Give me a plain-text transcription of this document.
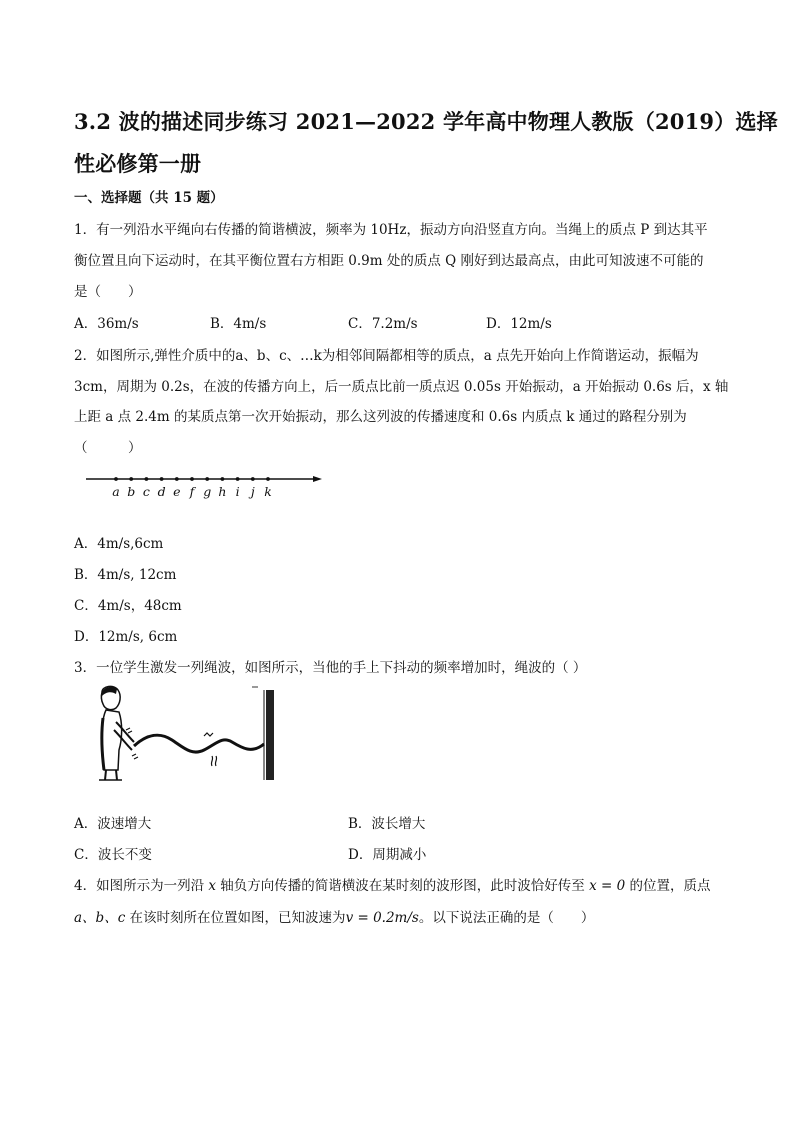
3.2 波的描述同步练习 2021—2022 学年高中物理人教版（2019）选择
性必修第一册
一、选择题（共 15 题）
1．有一列沿水平绳向右传播的简谐横波，频率为 10Hz，振动方向沿竖直方向。当绳上的质点 P 到达其平
衡位置且向下运动时，在其平衡位置右方相距 0.9m 处的质点 Q 刚好到达最高点，由此可知波速不可能的
是（　　）
A．36m/s	B．4m/s	C．7.2m/s	D．12m/s
2．如图所示,弹性介质中的a、b、c、…k为相邻间隔都相等的质点，a 点先开始向上作简谐运动，振幅为
3cm，周期为 0.2s，在波的传播方向上，后一质点比前一质点迟 0.05s 开始振动，a 开始振动 0.6s 后，x 轴
上距 a 点 2.4m 的某质点第一次开始振动，那么这列波的传播速度和 0.6s 内质点 k 通过的路程分别为
（　　　）
a b c d e f g h i j k
A．4m/s,6cm
B．4m/s, 12cm
C．4m/s，48cm
D．12m/s, 6cm
3．一位学生激发一列绳波，如图所示，当他的手上下抖动的频率增加时，绳波的（ ）
A．波速增大	B．波长增大
C．波长不变	D．周期减小
4．如图所示为一列沿 x 轴负方向传播的简谐横波在某时刻的波形图，此时波恰好传至 x = 0 的位置，质点
a、b、c 在该时刻所在位置如图，已知波速为v = 0.2m/s。以下说法正确的是（　　）
